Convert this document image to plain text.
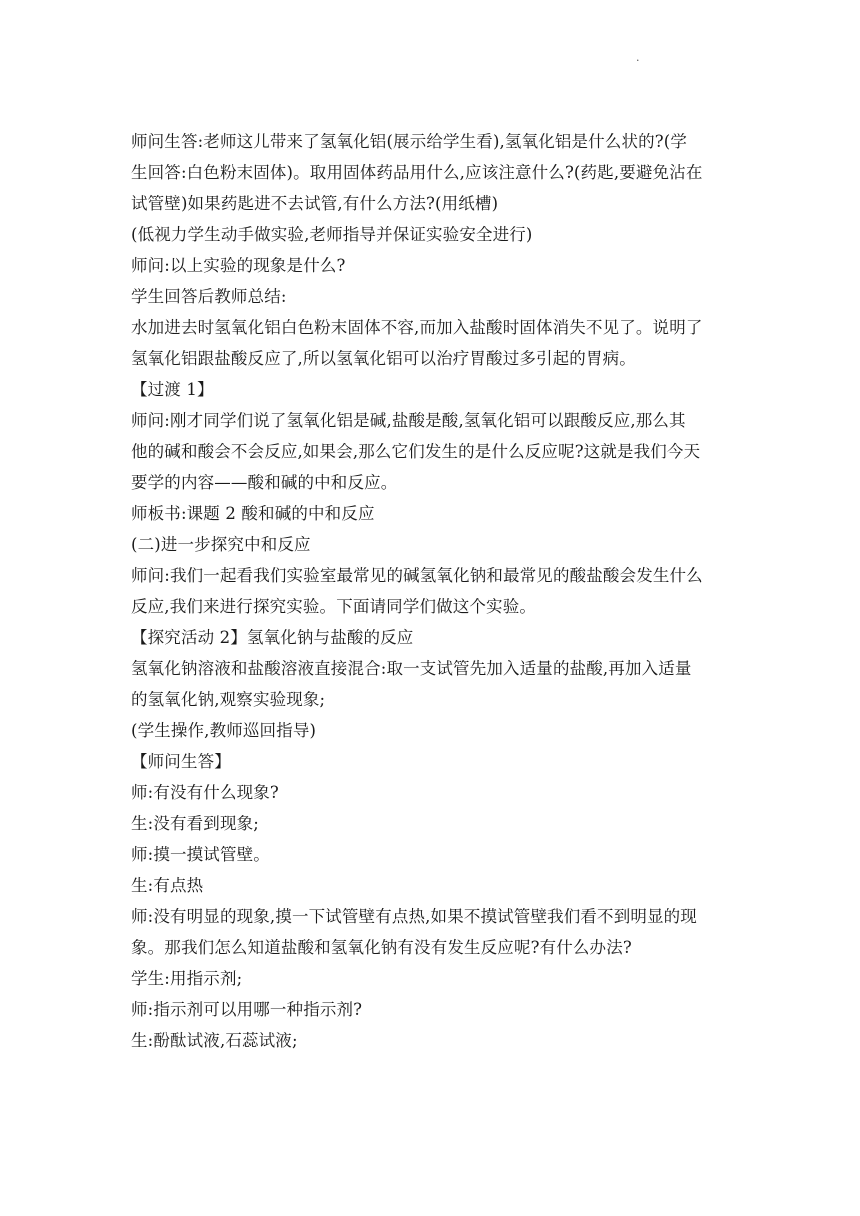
.
师问生答:老师这儿带来了氢氧化铝(展示给学生看),氢氧化铝是什么状的?(学
生回答:白色粉末固体)。取用固体药品用什么,应该注意什么?(药匙,要避免沾在
试管壁)如果药匙进不去试管,有什么方法?(用纸槽)
(低视力学生动手做实验,老师指导并保证实验安全进行)
师问:以上实验的现象是什么?
学生回答后教师总结:
水加进去时氢氧化铝白色粉末固体不容,而加入盐酸时固体消失不见了。说明了
氢氧化铝跟盐酸反应了,所以氢氧化铝可以治疗胃酸过多引起的胃病。
【过渡 1】
师问:刚才同学们说了氢氧化铝是碱,盐酸是酸,氢氧化铝可以跟酸反应,那么其
他的碱和酸会不会反应,如果会,那么它们发生的是什么反应呢?这就是我们今天
要学的内容——酸和碱的中和反应。
师板书:课题 2 酸和碱的中和反应
(二)进一步探究中和反应
师问:我们一起看我们实验室最常见的碱氢氧化钠和最常见的酸盐酸会发生什么
反应,我们来进行探究实验。下面请同学们做这个实验。
【探究活动 2】氢氧化钠与盐酸的反应
氢氧化钠溶液和盐酸溶液直接混合:取一支试管先加入适量的盐酸,再加入适量
的氢氧化钠,观察实验现象;
(学生操作,教师巡回指导)
【师问生答】
师:有没有什么现象?
生:没有看到现象;
师:摸一摸试管壁。
生:有点热
师:没有明显的现象,摸一下试管壁有点热,如果不摸试管壁我们看不到明显的现
象。那我们怎么知道盐酸和氢氧化钠有没有发生反应呢?有什么办法?
学生:用指示剂;
师:指示剂可以用哪一种指示剂?
生:酚酞试液,石蕊试液;
